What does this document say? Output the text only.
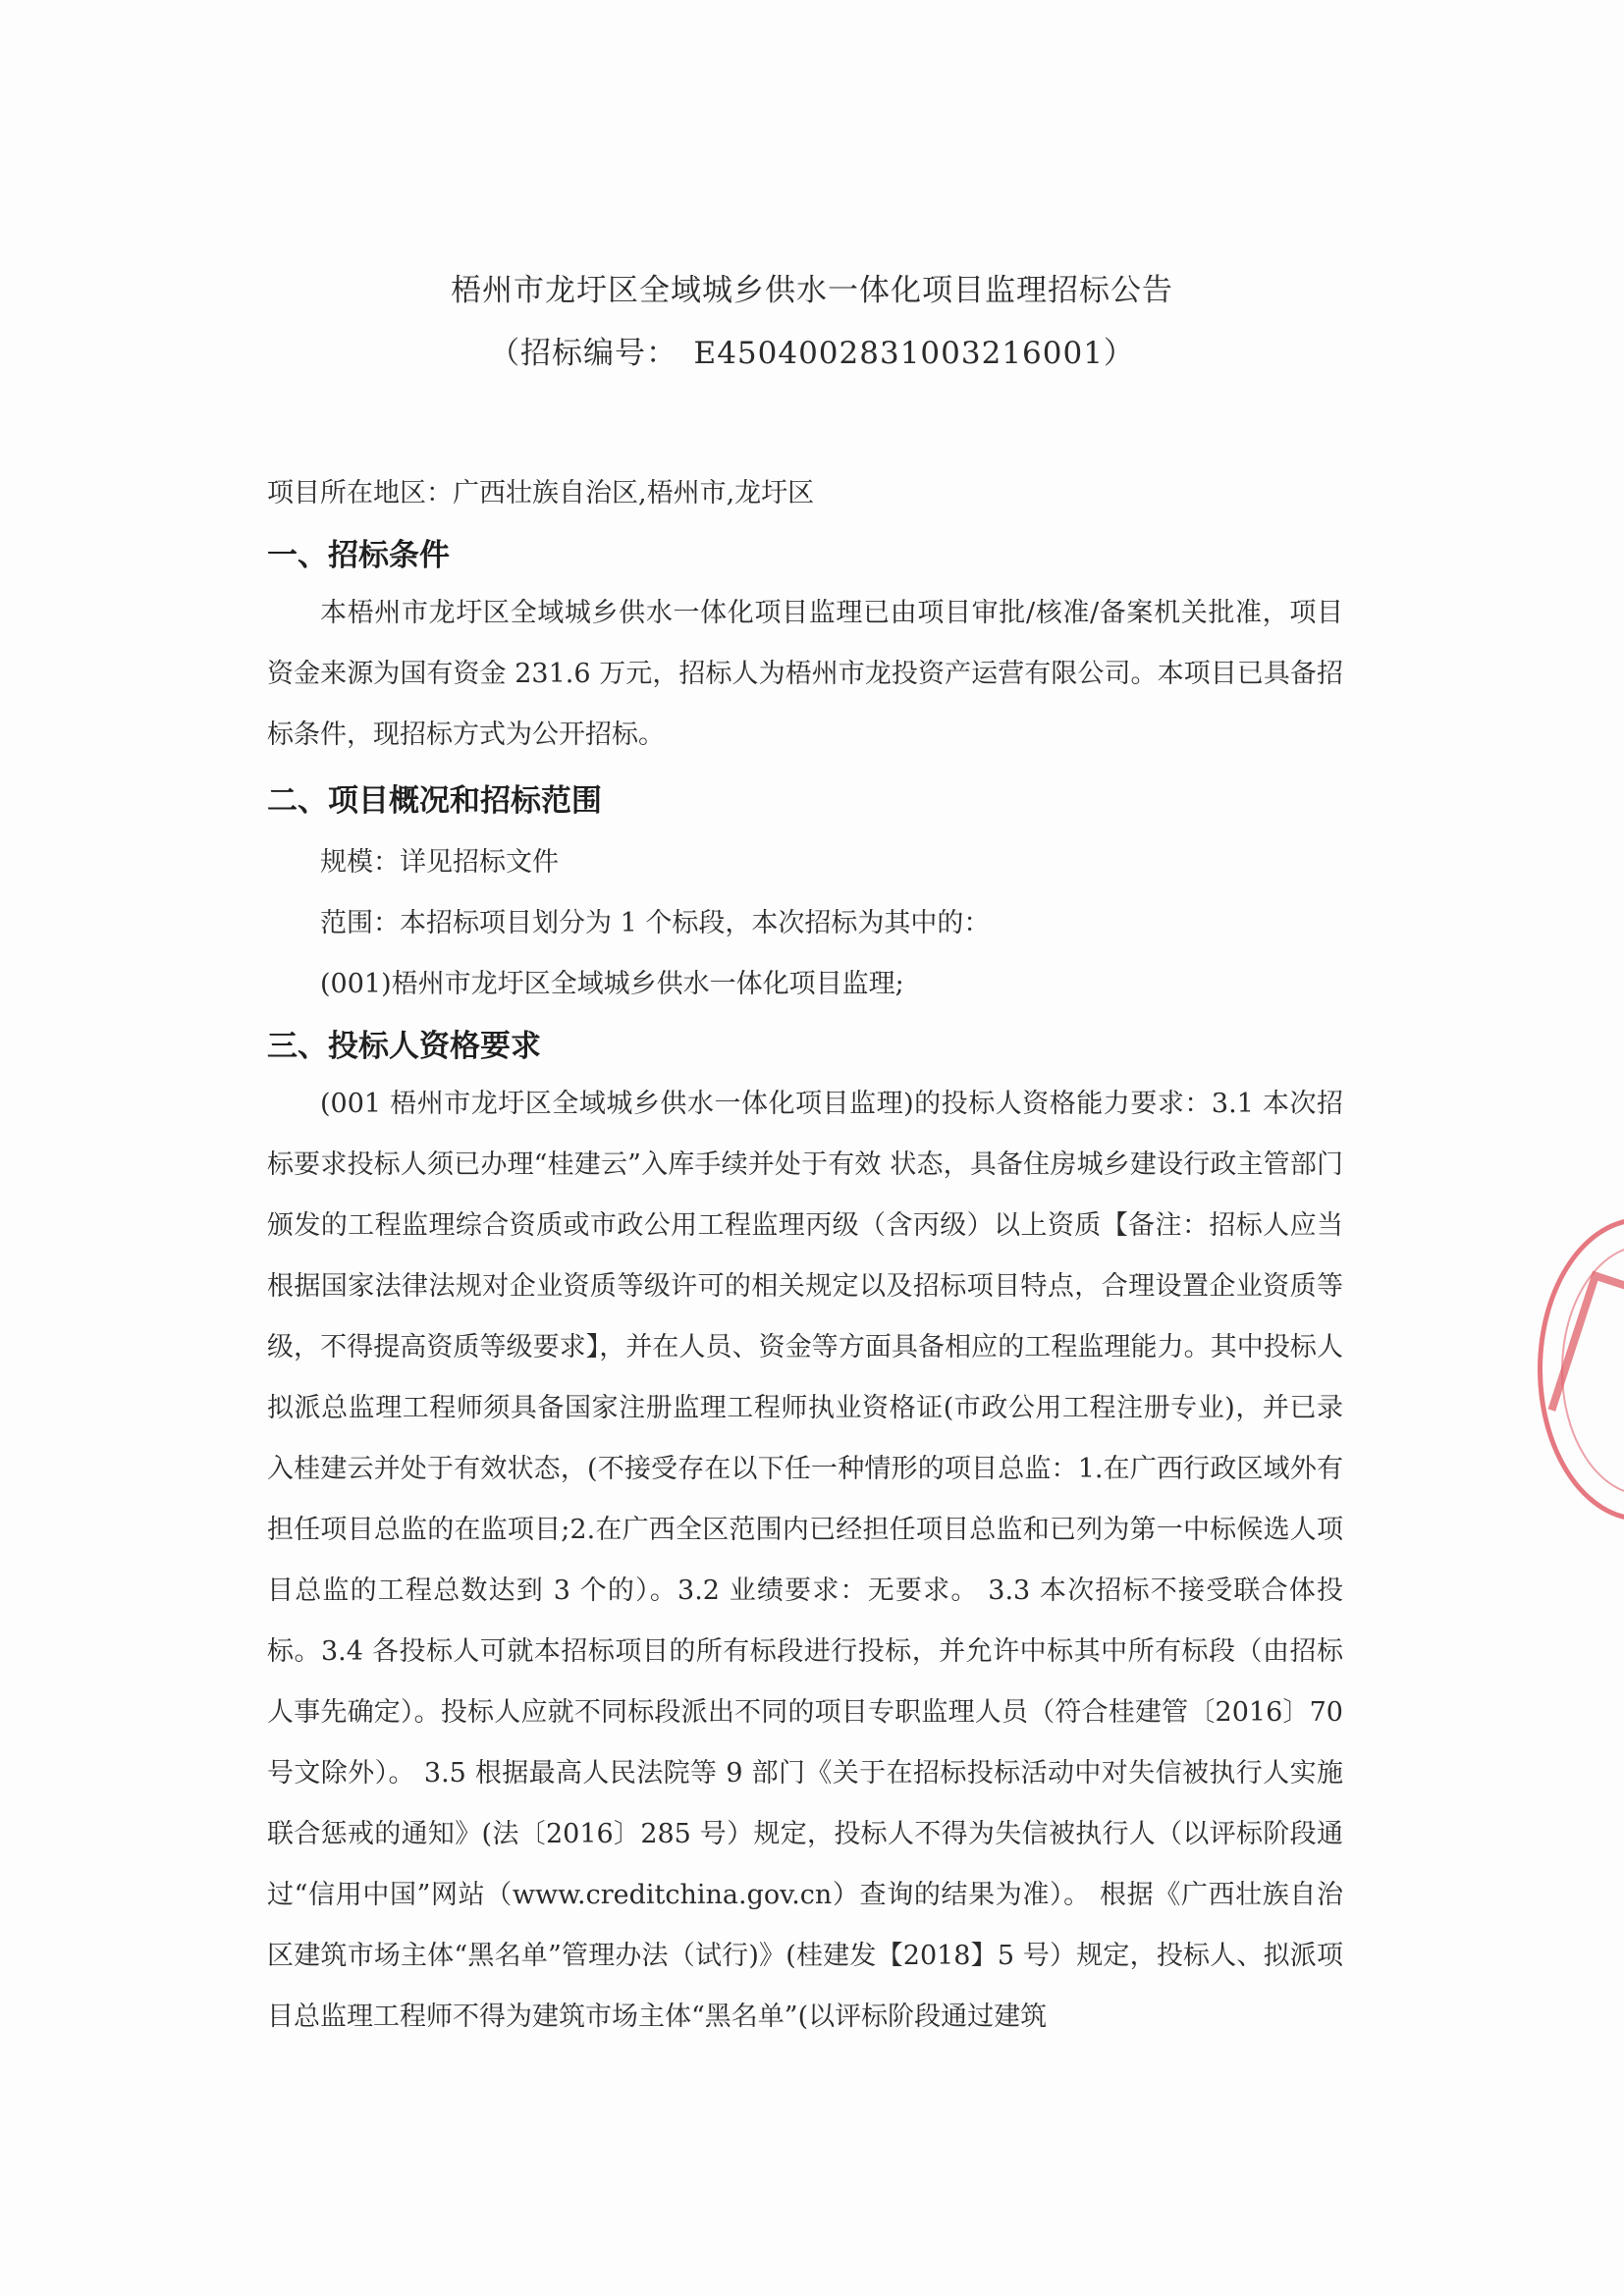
梧州市龙圩区全域城乡供水一体化项目监理招标公告
（招标编号：　E4504002831003216001）
项目所在地区：广西壮族自治区,梧州市,龙圩区
一、招标条件
本梧州市龙圩区全域城乡供水一体化项目监理已由项目审批/核准/备案机关批准，项目资金来源为国有资金 231.6 万元，招标人为梧州市龙投资产运营有限公司。本项目已具备招标条件，现招标方式为公开招标。
二、项目概况和招标范围
规模：详见招标文件
范围：本招标项目划分为 1 个标段，本次招标为其中的：
(001)梧州市龙圩区全域城乡供水一体化项目监理;
三、投标人资格要求
(001 梧州市龙圩区全域城乡供水一体化项目监理)的投标人资格能力要求：3.1 本次招标要求投标人须已办理“桂建云”入库手续并处于有效 状态，具备住房城乡建设行政主管部门颁发的工程监理综合资质或市政公用工程监理丙级（含丙级）以上资质【备注：招标人应当根据国家法律法规对企业资质等级许可的相关规定以及招标项目特点，合理设置企业资质等级，不得提高资质等级要求】，并在人员、资金等方面具备相应的工程监理能力。其中投标人拟派总监理工程师须具备国家注册监理工程师执业资格证(市政公用工程注册专业)，并已录入桂建云并处于有效状态，(不接受存在以下任一种情形的项目总监：1.在广西行政区域外有担任项目总监的在监项目;2.在广西全区范围内已经担任项目总监和已列为第一中标候选人项目总监的工程总数达到 3 个的）。3.2 业绩要求：无要求。 3.3 本次招标不接受联合体投标。3.4 各投标人可就本招标项目的所有标段进行投标，并允许中标其中所有标段（由招标人事先确定）。投标人应就不同标段派出不同的项目专职监理人员（符合桂建管〔2016〕70 号文除外）。 3.5 根据最高人民法院等 9 部门《关于在招标投标活动中对失信被执行人实施联合惩戒的通知》(法〔2016〕285 号）规定，投标人不得为失信被执行人（以评标阶段通过“信用中国”网站（www.creditchina.gov.cn）查询的结果为准）。 根据《广西壮族自治区建筑市场主体“黑名单”管理办法（试行)》(桂建发【2018】5 号）规定，投标人、拟派项目总监理工程师不得为建筑市场主体“黑名单”(以评标阶段通过建筑
